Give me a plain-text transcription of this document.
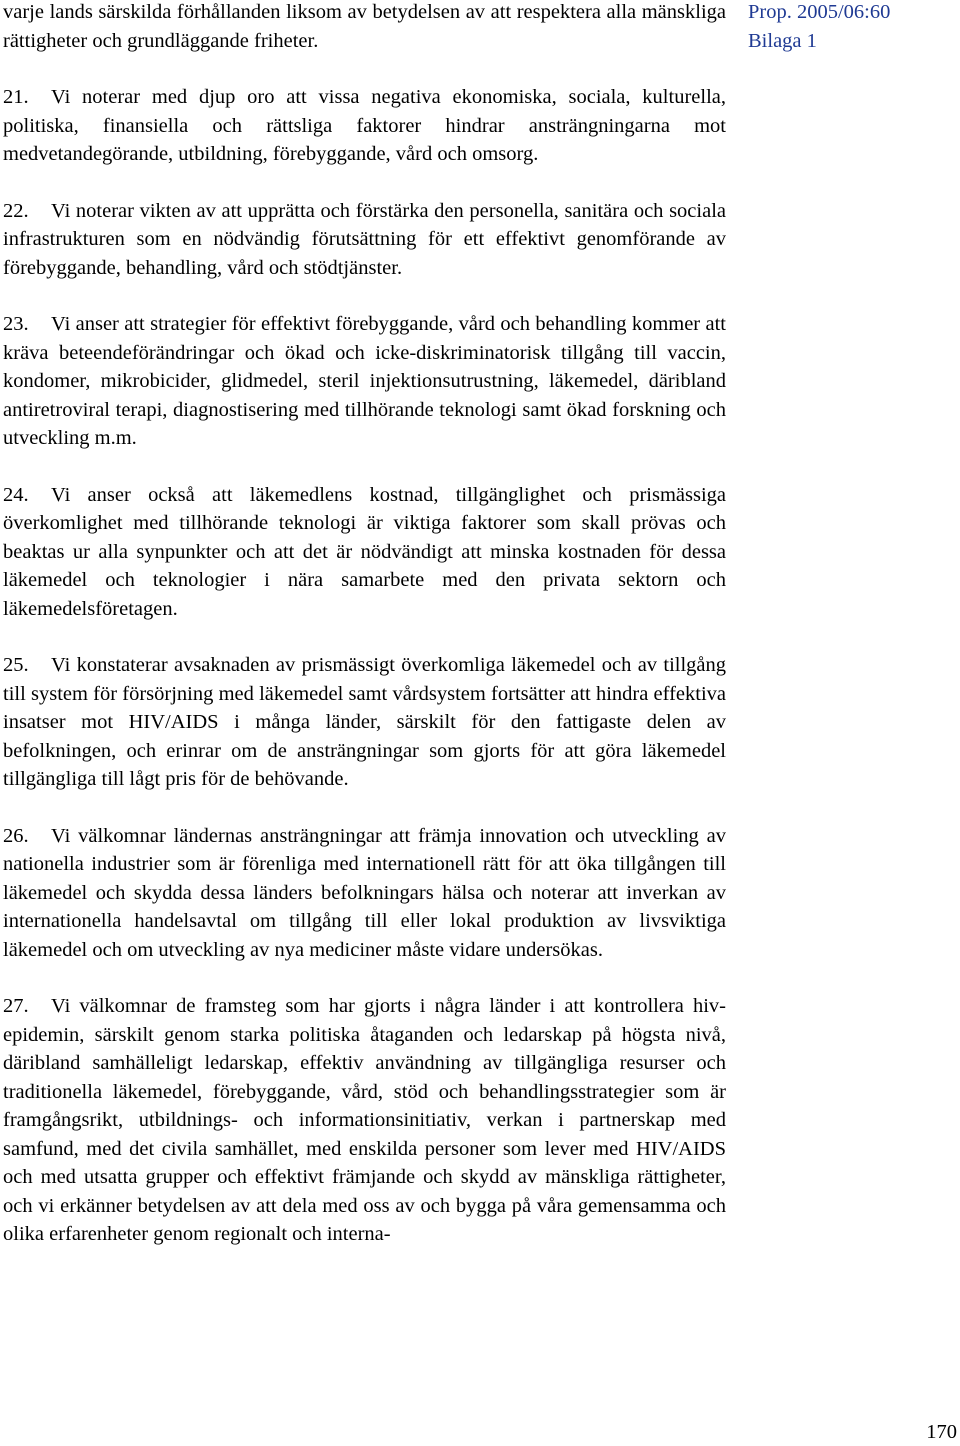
varje lands särskilda förhållanden liksom av betydelsen av att respektera alla mänskliga rättigheter och grundläggande friheter.

21. Vi noterar med djup oro att vissa negativa ekonomiska, sociala, kulturella, politiska, finansiella och rättsliga faktorer hindrar ansträngningarna mot medvetandegörande, utbildning, förebyggande, vård och omsorg.

22. Vi noterar vikten av att upprätta och förstärka den personella, sanitära och sociala infrastrukturen som en nödvändig förutsättning för ett effektivt genomförande av förebyggande, behandling, vård och stödtjänster.

23. Vi anser att strategier för effektivt förebyggande, vård och behandling kommer att kräva beteendeförändringar och ökad och icke-diskriminatorisk tillgång till vaccin, kondomer, mikrobicider, glidmedel, steril injektionsutrustning, läkemedel, däribland antiretroviral terapi, diagnostisering med tillhörande teknologi samt ökad forskning och utveckling m.m.

24. Vi anser också att läkemedlens kostnad, tillgänglighet och prismässiga överkomlighet med tillhörande teknologi är viktiga faktorer som skall prövas och beaktas ur alla synpunkter och att det är nödvändigt att minska kostnaden för dessa läkemedel och teknologier i nära samarbete med den privata sektorn och läkemedelsföretagen.

25. Vi konstaterar avsaknaden av prismässigt överkomliga läkemedel och av tillgång till system för försörjning med läkemedel samt vårdsystem fortsätter att hindra effektiva insatser mot HIV/AIDS i många länder, särskilt för den fattigaste delen av befolkningen, och erinrar om de ansträngningar som gjorts för att göra läkemedel tillgängliga till lågt pris för de behövande.

26. Vi välkomnar ländernas ansträngningar att främja innovation och utveckling av nationella industrier som är förenliga med internationell rätt för att öka tillgången till läkemedel och skydda dessa länders befolkningars hälsa och noterar att inverkan av internationella handelsavtal om tillgång till eller lokal produktion av livsviktiga läkemedel och om utveckling av nya mediciner måste vidare undersökas.

27. Vi välkomnar de framsteg som har gjorts i några länder i att kontrollera hiv-epidemin, särskilt genom starka politiska åtaganden och ledarskap på högsta nivå, däribland samhälleligt ledarskap, effektiv användning av tillgängliga resurser och traditionella läkemedel, förebyggande, vård, stöd och behandlingsstrategier som är framgångsrikt, utbildnings- och informationsinitiativ, verkan i partnerskap med samfund, med det civila samhället, med enskilda personer som lever med HIV/AIDS och med utsatta grupper och effektivt främjande och skydd av mänskliga rättigheter, och vi erkänner betydelsen av att dela med oss av och bygga på våra gemensamma och olika erfarenheter genom regionalt och interna-

Prop. 2005/06:60
Bilaga 1
170
